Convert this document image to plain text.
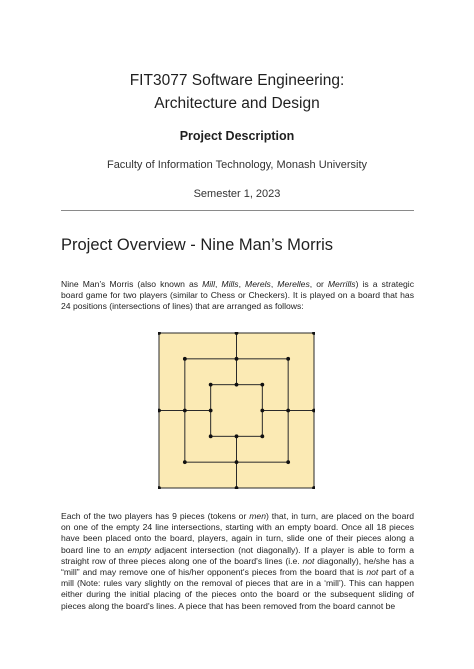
FIT3077 Software Engineering:
Architecture and Design
Project Description
Faculty of Information Technology, Monash University
Semester 1, 2023
Project Overview - Nine Man’s Morris
Nine Man’s Morris (also known as Mill, Mills, Merels, Merelles, or Merrills) is a strategic board game for two players (similar to Chess or Checkers). It is played on a board that has 24 positions (intersections of lines) that are arranged as follows:
Each of the two players has 9 pieces (tokens or men) that, in turn, are placed on the board on one of the empty 24 line intersections, starting with an empty board. Once all 18 pieces have been placed onto the board, players, again in turn, slide one of their pieces along a board line to an empty adjacent intersection (not diagonally). If a player is able to form a straight row of three pieces along one of the board's lines (i.e. not diagonally), he/she has a “mill” and may remove one of his/her opponent's pieces from the board that is not part of a mill (Note: rules vary slightly on the removal of pieces that are in a ‘mill’). This can happen either during the initial placing of the pieces onto the board or the subsequent sliding of pieces along the board's lines. A piece that has been removed from the board cannot be
